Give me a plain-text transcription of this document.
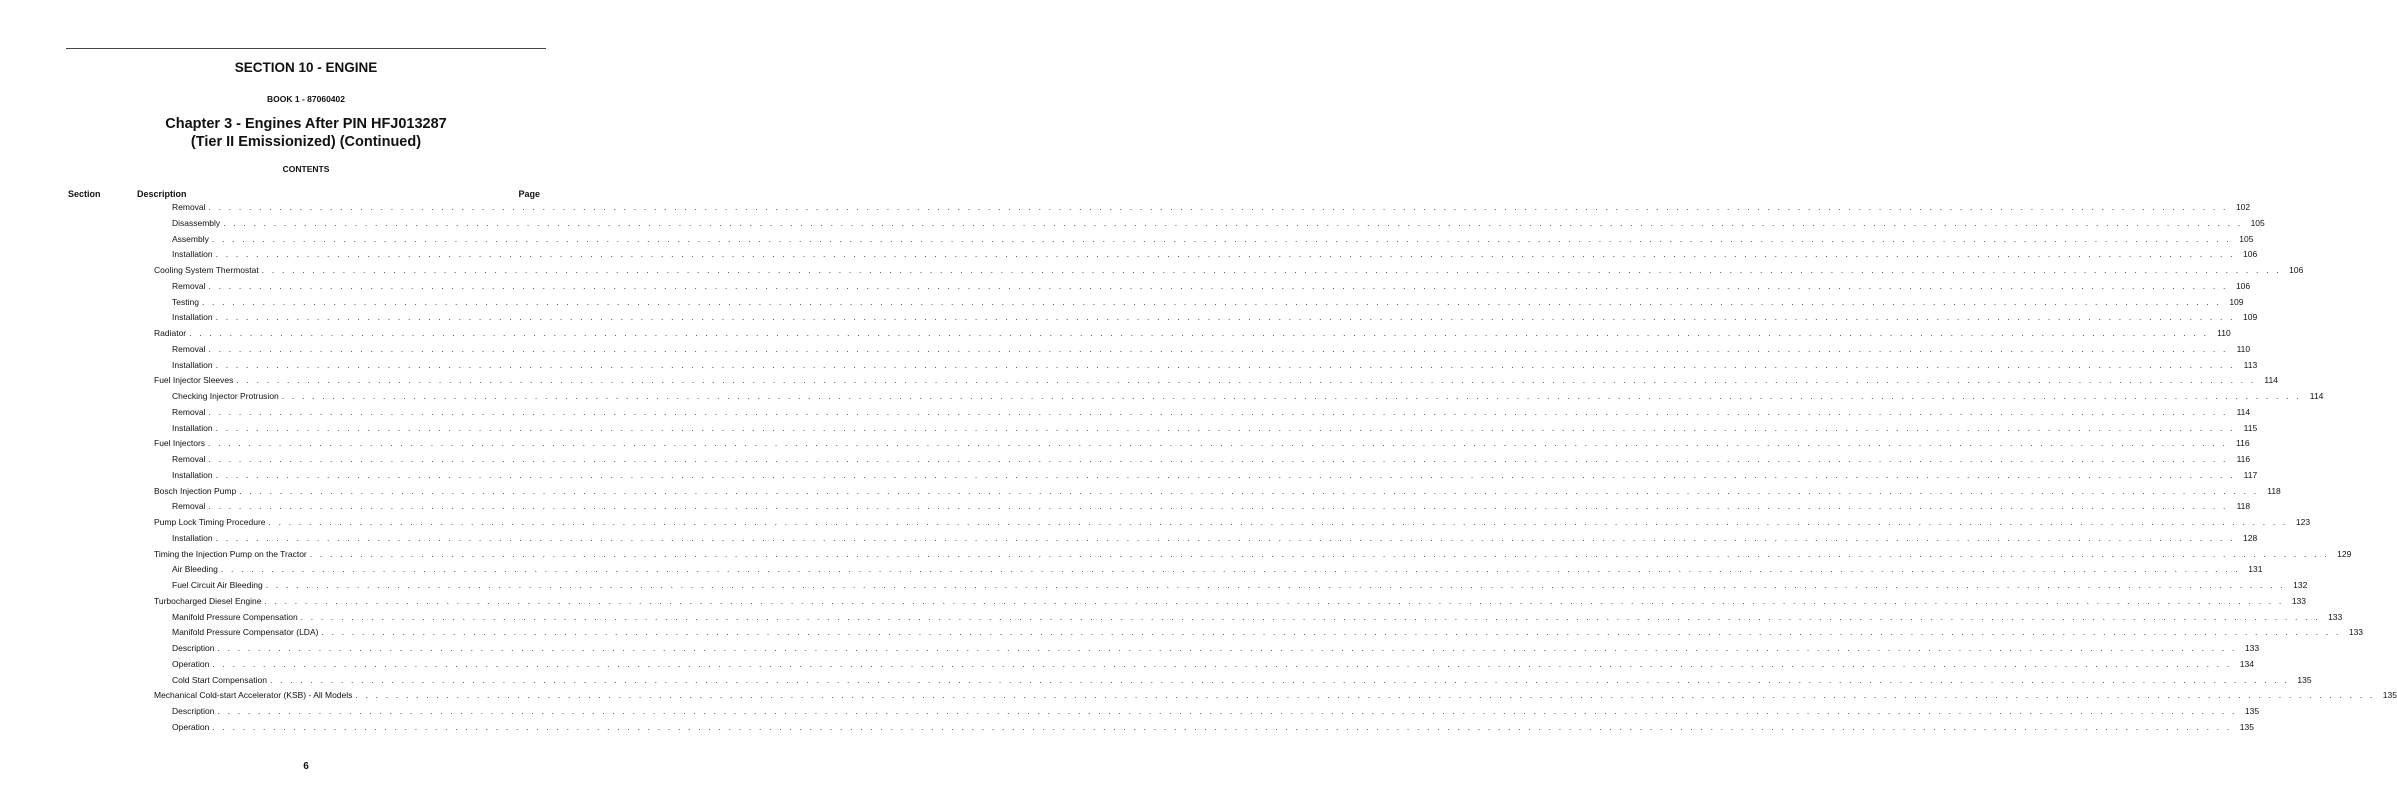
SECTION 10 - ENGINE
BOOK 1 - 87060402
Chapter 3 - Engines After PIN HFJ013287
(Tier II Emissionized) (Continued)
CONTENTS
Section	Description	Page
Removal . . . . . . . . . . . . . . . . . . . . . . . . . . . . . . . . . . . . . . . . . . . . . . . . . . . . . . . . . . . . . . . . . . . . . . . . . . . . . . . . . . . . . . . . . . . . . . . . . . . . . . . . . . . . . . . . . . . . . . . . . . . . . . . . . . . . . . . . . . . . . . . . . . . . . . . . . . . . . . . . . . . . . . . . . . . . . . . . . . . . . . . . . . . . . . . . . . . . . . . . 102
Disassembly . . . . . . . . . . . . . . . . . . . . . . . . . . . . . . . . . . . . . . . . . . . . . . . . . . . . . . . . . . . . . . . . . . . . . . . . . . . . . . . . . . . . . . . . . . . . . . . . . . . . . . . . . . . . . . . . . . . . . . . . . . . . . . . . . . . . . . . . . . . . . . . . . . . . . . . . . . . . . . . . . . . . . . . . . . . . . . . . . . . . . . . . . . . . . . . . . . . . . . . . 105
Assembly . . . . . . . . . . . . . . . . . . . . . . . . . . . . . . . . . . . . . . . . . . . . . . . . . . . . . . . . . . . . . . . . . . . . . . . . . . . . . . . . . . . . . . . . . . . . . . . . . . . . . . . . . . . . . . . . . . . . . . . . . . . . . . . . . . . . . . . . . . . . . . . . . . . . . . . . . . . . . . . . . . . . . . . . . . . . . . . . . . . . . . . . . . . . . . . . . . . . . . . . 105
Installation . . . . . . . . . . . . . . . . . . . . . . . . . . . . . . . . . . . . . . . . . . . . . . . . . . . . . . . . . . . . . . . . . . . . . . . . . . . . . . . . . . . . . . . . . . . . . . . . . . . . . . . . . . . . . . . . . . . . . . . . . . . . . . . . . . . . . . . . . . . . . . . . . . . . . . . . . . . . . . . . . . . . . . . . . . . . . . . . . . . . . . . . . . . . . . . . . . . . . . . . 106
Cooling System Thermostat . . . . . . . . . . . . . . . . . . . . . . . . . . . . . . . . . . . . . . . . . . . . . . . . . . . . . . . . . . . . . . . . . . . . . . . . . . . . . . . . . . . . . . . . . . . . . . . . . . . . . . . . . . . . . . . . . . . . . . . . . . . . . . . . . . . . . . . . . . . . . . . . . . . . . . . . . . . . . . . . . . . . . . . . . . . . . . . . . . . . . . . . . . . . . . . . . . . . . . . . 106
Removal . . . . . . . . . . . . . . . . . . . . . . . . . . . . . . . . . . . . . . . . . . . . . . . . . . . . . . . . . . . . . . . . . . . . . . . . . . . . . . . . . . . . . . . . . . . . . . . . . . . . . . . . . . . . . . . . . . . . . . . . . . . . . . . . . . . . . . . . . . . . . . . . . . . . . . . . . . . . . . . . . . . . . . . . . . . . . . . . . . . . . . . . . . . . . . . . . . . . . . . . 106
Testing . . . . . . . . . . . . . . . . . . . . . . . . . . . . . . . . . . . . . . . . . . . . . . . . . . . . . . . . . . . . . . . . . . . . . . . . . . . . . . . . . . . . . . . . . . . . . . . . . . . . . . . . . . . . . . . . . . . . . . . . . . . . . . . . . . . . . . . . . . . . . . . . . . . . . . . . . . . . . . . . . . . . . . . . . . . . . . . . . . . . . . . . . . . . . . . . . . . . . . . . 109
Installation . . . . . . . . . . . . . . . . . . . . . . . . . . . . . . . . . . . . . . . . . . . . . . . . . . . . . . . . . . . . . . . . . . . . . . . . . . . . . . . . . . . . . . . . . . . . . . . . . . . . . . . . . . . . . . . . . . . . . . . . . . . . . . . . . . . . . . . . . . . . . . . . . . . . . . . . . . . . . . . . . . . . . . . . . . . . . . . . . . . . . . . . . . . . . . . . . . . . . . . . 109
Radiator . . . . . . . . . . . . . . . . . . . . . . . . . . . . . . . . . . . . . . . . . . . . . . . . . . . . . . . . . . . . . . . . . . . . . . . . . . . . . . . . . . . . . . . . . . . . . . . . . . . . . . . . . . . . . . . . . . . . . . . . . . . . . . . . . . . . . . . . . . . . . . . . . . . . . . . . . . . . . . . . . . . . . . . . . . . . . . . . . . . . . . . . . . . . . . . . . . . . . . . . 110
Removal . . . . . . . . . . . . . . . . . . . . . . . . . . . . . . . . . . . . . . . . . . . . . . . . . . . . . . . . . . . . . . . . . . . . . . . . . . . . . . . . . . . . . . . . . . . . . . . . . . . . . . . . . . . . . . . . . . . . . . . . . . . . . . . . . . . . . . . . . . . . . . . . . . . . . . . . . . . . . . . . . . . . . . . . . . . . . . . . . . . . . . . . . . . . . . . . . . . . . . . . 110
Installation . . . . . . . . . . . . . . . . . . . . . . . . . . . . . . . . . . . . . . . . . . . . . . . . . . . . . . . . . . . . . . . . . . . . . . . . . . . . . . . . . . . . . . . . . . . . . . . . . . . . . . . . . . . . . . . . . . . . . . . . . . . . . . . . . . . . . . . . . . . . . . . . . . . . . . . . . . . . . . . . . . . . . . . . . . . . . . . . . . . . . . . . . . . . . . . . . . . . . . . . 113
Fuel Injector Sleeves . . . . . . . . . . . . . . . . . . . . . . . . . . . . . . . . . . . . . . . . . . . . . . . . . . . . . . . . . . . . . . . . . . . . . . . . . . . . . . . . . . . . . . . . . . . . . . . . . . . . . . . . . . . . . . . . . . . . . . . . . . . . . . . . . . . . . . . . . . . . . . . . . . . . . . . . . . . . . . . . . . . . . . . . . . . . . . . . . . . . . . . . . . . . . . . . . . . . . . . . 114
Checking Injector Protrusion . . . . . . . . . . . . . . . . . . . . . . . . . . . . . . . . . . . . . . . . . . . . . . . . . . . . . . . . . . . . . . . . . . . . . . . . . . . . . . . . . . . . . . . . . . . . . . . . . . . . . . . . . . . . . . . . . . . . . . . . . . . . . . . . . . . . . . . . . . . . . . . . . . . . . . . . . . . . . . . . . . . . . . . . . . . . . . . . . . . . . . . . . . . . . . . . . . . . . . . . 114
Removal . . . . . . . . . . . . . . . . . . . . . . . . . . . . . . . . . . . . . . . . . . . . . . . . . . . . . . . . . . . . . . . . . . . . . . . . . . . . . . . . . . . . . . . . . . . . . . . . . . . . . . . . . . . . . . . . . . . . . . . . . . . . . . . . . . . . . . . . . . . . . . . . . . . . . . . . . . . . . . . . . . . . . . . . . . . . . . . . . . . . . . . . . . . . . . . . . . . . . . . . 114
Installation . . . . . . . . . . . . . . . . . . . . . . . . . . . . . . . . . . . . . . . . . . . . . . . . . . . . . . . . . . . . . . . . . . . . . . . . . . . . . . . . . . . . . . . . . . . . . . . . . . . . . . . . . . . . . . . . . . . . . . . . . . . . . . . . . . . . . . . . . . . . . . . . . . . . . . . . . . . . . . . . . . . . . . . . . . . . . . . . . . . . . . . . . . . . . . . . . . . . . . . . 115
Fuel Injectors . . . . . . . . . . . . . . . . . . . . . . . . . . . . . . . . . . . . . . . . . . . . . . . . . . . . . . . . . . . . . . . . . . . . . . . . . . . . . . . . . . . . . . . . . . . . . . . . . . . . . . . . . . . . . . . . . . . . . . . . . . . . . . . . . . . . . . . . . . . . . . . . . . . . . . . . . . . . . . . . . . . . . . . . . . . . . . . . . . . . . . . . . . . . . . . . . . . . . . . . 116
Removal . . . . . . . . . . . . . . . . . . . . . . . . . . . . . . . . . . . . . . . . . . . . . . . . . . . . . . . . . . . . . . . . . . . . . . . . . . . . . . . . . . . . . . . . . . . . . . . . . . . . . . . . . . . . . . . . . . . . . . . . . . . . . . . . . . . . . . . . . . . . . . . . . . . . . . . . . . . . . . . . . . . . . . . . . . . . . . . . . . . . . . . . . . . . . . . . . . . . . . . . 116
Installation . . . . . . . . . . . . . . . . . . . . . . . . . . . . . . . . . . . . . . . . . . . . . . . . . . . . . . . . . . . . . . . . . . . . . . . . . . . . . . . . . . . . . . . . . . . . . . . . . . . . . . . . . . . . . . . . . . . . . . . . . . . . . . . . . . . . . . . . . . . . . . . . . . . . . . . . . . . . . . . . . . . . . . . . . . . . . . . . . . . . . . . . . . . . . . . . . . . . . . . . 117
Bosch Injection Pump . . . . . . . . . . . . . . . . . . . . . . . . . . . . . . . . . . . . . . . . . . . . . . . . . . . . . . . . . . . . . . . . . . . . . . . . . . . . . . . . . . . . . . . . . . . . . . . . . . . . . . . . . . . . . . . . . . . . . . . . . . . . . . . . . . . . . . . . . . . . . . . . . . . . . . . . . . . . . . . . . . . . . . . . . . . . . . . . . . . . . . . . . . . . . . . . . . . . . . . . 118
Removal . . . . . . . . . . . . . . . . . . . . . . . . . . . . . . . . . . . . . . . . . . . . . . . . . . . . . . . . . . . . . . . . . . . . . . . . . . . . . . . . . . . . . . . . . . . . . . . . . . . . . . . . . . . . . . . . . . . . . . . . . . . . . . . . . . . . . . . . . . . . . . . . . . . . . . . . . . . . . . . . . . . . . . . . . . . . . . . . . . . . . . . . . . . . . . . . . . . . . . . . 118
Pump Lock Timing Procedure . . . . . . . . . . . . . . . . . . . . . . . . . . . . . . . . . . . . . . . . . . . . . . . . . . . . . . . . . . . . . . . . . . . . . . . . . . . . . . . . . . . . . . . . . . . . . . . . . . . . . . . . . . . . . . . . . . . . . . . . . . . . . . . . . . . . . . . . . . . . . . . . . . . . . . . . . . . . . . . . . . . . . . . . . . . . . . . . . . . . . . . . . . . . . . . . . . . . . . . . 123
Installation . . . . . . . . . . . . . . . . . . . . . . . . . . . . . . . . . . . . . . . . . . . . . . . . . . . . . . . . . . . . . . . . . . . . . . . . . . . . . . . . . . . . . . . . . . . . . . . . . . . . . . . . . . . . . . . . . . . . . . . . . . . . . . . . . . . . . . . . . . . . . . . . . . . . . . . . . . . . . . . . . . . . . . . . . . . . . . . . . . . . . . . . . . . . . . . . . . . . . . . . 128
Timing the Injection Pump on the Tractor . . . . . . . . . . . . . . . . . . . . . . . . . . . . . . . . . . . . . . . . . . . . . . . . . . . . . . . . . . . . . . . . . . . . . . . . . . . . . . . . . . . . . . . . . . . . . . . . . . . . . . . . . . . . . . . . . . . . . . . . . . . . . . . . . . . . . . . . . . . . . . . . . . . . . . . . . . . . . . . . . . . . . . . . . . . . . . . . . . . . . . . . . . . . . . . . . . . . . . . . 129
Air Bleeding . . . . . . . . . . . . . . . . . . . . . . . . . . . . . . . . . . . . . . . . . . . . . . . . . . . . . . . . . . . . . . . . . . . . . . . . . . . . . . . . . . . . . . . . . . . . . . . . . . . . . . . . . . . . . . . . . . . . . . . . . . . . . . . . . . . . . . . . . . . . . . . . . . . . . . . . . . . . . . . . . . . . . . . . . . . . . . . . . . . . . . . . . . . . . . . . . . . . . . . . 131
Fuel Circuit Air Bleeding . . . . . . . . . . . . . . . . . . . . . . . . . . . . . . . . . . . . . . . . . . . . . . . . . . . . . . . . . . . . . . . . . . . . . . . . . . . . . . . . . . . . . . . . . . . . . . . . . . . . . . . . . . . . . . . . . . . . . . . . . . . . . . . . . . . . . . . . . . . . . . . . . . . . . . . . . . . . . . . . . . . . . . . . . . . . . . . . . . . . . . . . . . . . . . . . . . . . . . . . 132
Turbocharged Diesel Engine . . . . . . . . . . . . . . . . . . . . . . . . . . . . . . . . . . . . . . . . . . . . . . . . . . . . . . . . . . . . . . . . . . . . . . . . . . . . . . . . . . . . . . . . . . . . . . . . . . . . . . . . . . . . . . . . . . . . . . . . . . . . . . . . . . . . . . . . . . . . . . . . . . . . . . . . . . . . . . . . . . . . . . . . . . . . . . . . . . . . . . . . . . . . . . . . . . . . . . . . 133
Manifold Pressure Compensation . . . . . . . . . . . . . . . . . . . . . . . . . . . . . . . . . . . . . . . . . . . . . . . . . . . . . . . . . . . . . . . . . . . . . . . . . . . . . . . . . . . . . . . . . . . . . . . . . . . . . . . . . . . . . . . . . . . . . . . . . . . . . . . . . . . . . . . . . . . . . . . . . . . . . . . . . . . . . . . . . . . . . . . . . . . . . . . . . . . . . . . . . . . . . . . . . . . . . . . . 133
Manifold Pressure Compensator (LDA) . . . . . . . . . . . . . . . . . . . . . . . . . . . . . . . . . . . . . . . . . . . . . . . . . . . . . . . . . . . . . . . . . . . . . . . . . . . . . . . . . . . . . . . . . . . . . . . . . . . . . . . . . . . . . . . . . . . . . . . . . . . . . . . . . . . . . . . . . . . . . . . . . . . . . . . . . . . . . . . . . . . . . . . . . . . . . . . . . . . . . . . . . . . . . . . . . . . . . . . . 133
Description . . . . . . . . . . . . . . . . . . . . . . . . . . . . . . . . . . . . . . . . . . . . . . . . . . . . . . . . . . . . . . . . . . . . . . . . . . . . . . . . . . . . . . . . . . . . . . . . . . . . . . . . . . . . . . . . . . . . . . . . . . . . . . . . . . . . . . . . . . . . . . . . . . . . . . . . . . . . . . . . . . . . . . . . . . . . . . . . . . . . . . . . . . . . . . . . . . . . . . . . 133
Operation . . . . . . . . . . . . . . . . . . . . . . . . . . . . . . . . . . . . . . . . . . . . . . . . . . . . . . . . . . . . . . . . . . . . . . . . . . . . . . . . . . . . . . . . . . . . . . . . . . . . . . . . . . . . . . . . . . . . . . . . . . . . . . . . . . . . . . . . . . . . . . . . . . . . . . . . . . . . . . . . . . . . . . . . . . . . . . . . . . . . . . . . . . . . . . . . . . . . . . . . 134
Cold Start Compensation . . . . . . . . . . . . . . . . . . . . . . . . . . . . . . . . . . . . . . . . . . . . . . . . . . . . . . . . . . . . . . . . . . . . . . . . . . . . . . . . . . . . . . . . . . . . . . . . . . . . . . . . . . . . . . . . . . . . . . . . . . . . . . . . . . . . . . . . . . . . . . . . . . . . . . . . . . . . . . . . . . . . . . . . . . . . . . . . . . . . . . . . . . . . . . . . . . . . . . . . 135
Mechanical Cold-start Accelerator (KSB) - All Models . . . . . . . . . . . . . . . . . . . . . . . . . . . . . . . . . . . . . . . . . . . . . . . . . . . . . . . . . . . . . . . . . . . . . . . . . . . . . . . . . . . . . . . . . . . . . . . . . . . . . . . . . . . . . . . . . . . . . . . . . . . . . . . . . . . . . . . . . . . . . . . . . . . . . . . . . . . . . . . . . . . . . . . . . . . . . . . . . . . . . . . . . . . . . . . . . . . . . . . . 135
Description . . . . . . . . . . . . . . . . . . . . . . . . . . . . . . . . . . . . . . . . . . . . . . . . . . . . . . . . . . . . . . . . . . . . . . . . . . . . . . . . . . . . . . . . . . . . . . . . . . . . . . . . . . . . . . . . . . . . . . . . . . . . . . . . . . . . . . . . . . . . . . . . . . . . . . . . . . . . . . . . . . . . . . . . . . . . . . . . . . . . . . . . . . . . . . . . . . . . . . . . 135
Operation . . . . . . . . . . . . . . . . . . . . . . . . . . . . . . . . . . . . . . . . . . . . . . . . . . . . . . . . . . . . . . . . . . . . . . . . . . . . . . . . . . . . . . . . . . . . . . . . . . . . . . . . . . . . . . . . . . . . . . . . . . . . . . . . . . . . . . . . . . . . . . . . . . . . . . . . . . . . . . . . . . . . . . . . . . . . . . . . . . . . . . . . . . . . . . . . . . . . . . . . 135
6
